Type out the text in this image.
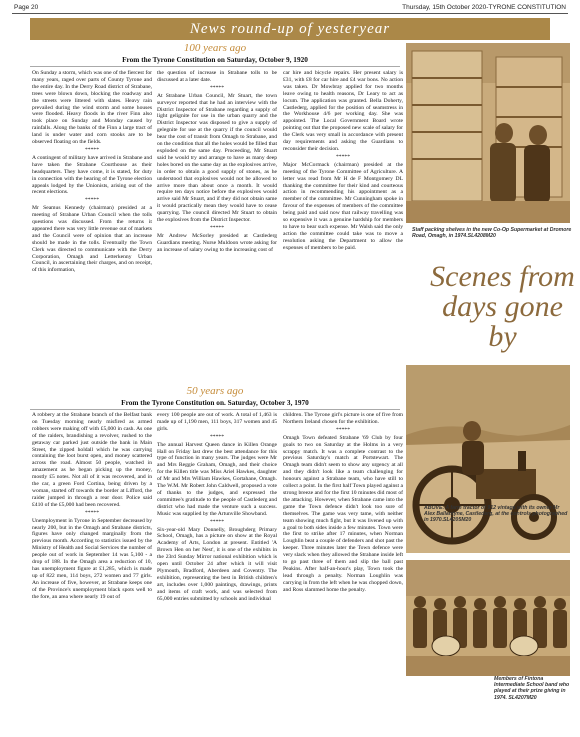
Page 20	Thursday, 15th October 2020-TYRONE CONSTITUTION
News round-up of yesteryear
100 years ago
From the Tyrone Constitution on Saturday, October 9, 1920

On Sunday a storm, which was one of the fiercest for many years, raged over parts of County Tyrone and the entire day. In the Derry Road district of Strabane, trees were blown down, blocking the roadway and the streets were littered with slates. Heavy rain prevailed during the wind storm and some houses were flooded. Heavy floods in the river Finn also took place on Sunday and Monday caused by rainfalls. Along the banks of the Finn a large tract of land is under water and corn stooks are to be observed floating on the fields.

*****

A contingent of military have arrived in Strabane and have taken the Strabane Courthouse as their headquarters. They have come, it is stated, for duty in connection with the hearing of the Tyrone election appeals lodged by the Unionists, arising out of the recent elections.

*****

Mr Seamus Kennedy (chairman) presided at a meeting of Strabane Urban Council when the tolls questions was discussed. From the returns it appeared there was very little revenue out of markets and the Council were of opinion that an increase should be made in the tolls. Eventually the Town Clerk was directed to communicate with the Derry Corporation, Omagh and Letterkenny Urban Council, in ascertaining their charges, and on receipt, of this information,

the question of increase in Strabane tolls to be discussed at a later date.

*****

At Strabane Urban Council, Mr Stuart, the town surveyor reported that he had an interview with the District Inspector of Strabane regarding a supply of light gelignite for use in the urban quarry and the District Inspector was disposed to give a supply of gelegnite for use at the quarry if the council would bear the cost of transit from Omagh to Strabane, and on the condition that all the holes would be filled that exploded on the same day. Proceeding, Mr Stuart said he would try and arrange to have as many deep holes bored on the same day as the explosives arrive, in order to obtain a good supply of stones, as he understood that explosives would not be allowed to arrive more than about once a month. It would require ten days notice before the explosives would arrive said Mr Stuart, and if they did not obtain same it would practically mean they would have to cease quarrying. The council directed Mr Stuart to obtain the explosives from the District Inspector.

*****

Mr Andrew McSorley presided at Castlederg Guardians meeting. Nurse Muldoon wrote asking for an increase of salary owing to the increasing cost of

car hire and bicycle repairs. Her present salary is £31, with £8 for car hire and £4 war bons. No action was taken. Dr Mowbray applied for two months leave owing to health reasons, Dr Leary to act as locum. The application was granted. Bella Doherty, Castlederg, applied for the position of seamstress in the Workhouse 4/6 per working day. She was appointed. The Local Government Board wrote pointing out that the proposed new scale of salary for the Clerk was very small in accordance with present day requirements and asking the Guardians to reconsider their decision.

*****

Major McCormack (chairman) presided at the meeting of the Tyrone Committee of Agriculture. A letter was read from Mr H de F Montgomery DL thanking the committee for their kind and courteous action in recommending his appointment as a member of the committee. Mr Cunningham spoke in favour of the expenses of members of the committee being paid and said now that railway travelling was so expensive it was a genuine hardship for members to have to bear such expense. Mr Walsh said the only action the committee could take was to move a resolution asking the Department to allow the expenses of members to be paid.

50 years ago
From the Tyrone Constitution on. Saturday, October 3, 1970

A robbery at the Strabane branch of the Belfast bank on Tuesday morning nearly misfired as armed robbers were making off with £5,000 in cash. As one of the raiders, brandishing a revolver, rushed to the getaway car parked just outside the bank in Main Street, the zipped holdall which he was carrying containing the loot burst open, and money scattered across the road. Almost 50 people, watched in amazement as he began picking up the money, mostly £5 notes. Not all of it was recovered, and in the car, a green Ford Cortina, being driven by a woman, started off towards the border at Lifford, the raider jumped in through a rear door. Police said £410 of the £5,000 had been recovered.

*****

Unemployment in Tyrone in September decreased by nearly 200, but in the Omagh and Strabane districts, figures have only changed marginally from the previous month. According to statistics issued by the Ministry of Health and Social Services the number of people out of work in September 14 was 5,100 - a drop of 188. In the Omagh area a reduction of 10, has unemployment figure at £1,285, which is made up of 822 men, 114 boys, 272 women and 77 girls. An increase of five, however, at Strabane keeps one of the Province's unemployment black spots well to the fore, an area where nearly 19 out of

every 100 people are out of work. A total of 1,463 is made up of 1,190 men, 111 boys, 317 women and 45 girls.

*****

The annual Harvest Queen dance in Killen Orange Hall on Friday last drew the best attendance for this type of function in many years. The judges were Mr and Mrs Reggie Graham, Omagh, and their choice for the Killen title was Miss Ariel Hawkes, daughter of Mr and Mrs William Hawkes, Gortahane, Omagh. The W.M. Mr Robert John Caldwell, proposed a vote of thanks to the judges, and expressed the committee's gratitude to the people of Castlederg and district who had made the venture such a success. Music was supplied by the Artunville Showband.

*****

Six-year-old Mary Donnelly, Broughderg Primary School, Omagh, has a picture on show at the Royal Academy of Arts, London at present. Entitled 'A Brown Hen on her Nest', it is one of the exhibits in the 23rd Sunday Mirror national exhibition which is open until October 24 after which it will visit Plymouth, Bradford, Aberdeen and Coventry. The exhibition, representing the best in British children's art, includes over 1,000 paintings, drawings, prints and items of craft work, and was selected from 65,000 entries submitted by schools and individual

children. The Tyrone girl's picture is one of five from Northern Ireland chosen for the exhibition.

*****

Omagh Town defeated Strabane '69 Club by four goals to two on Saturday at the Holms in a very scrappy match. It was a complete contrast to the previous Saturday's match at Portstewart. The Omagh team didn't seem to show any urgency at all and they didn't look like a team challenging for honours against a Strabane team, who have still to collect a point. In the first half Town played against a strong breeze and for the first 10 minutes did most of the attacking. However, when Strabane came into the game the Town defence didn't look too sure of themselves. The game was very tame, with neither team showing much fight, but it was livened up with a goal to both sides inside a few minutes. Town were the first to strike after 17 minutes, when Norman Loughlin beat a couple of defenders and shot past the keeper. Three minutes later the Town defence were very slack when they allowed the Strabane inside left to go past three of them and slip the ball past Peakins. After half-an-hour's play, Town took the lead through a penalty. Norman Loughlin was carrying in from the left when he was chopped down, and Ross slammed home the penalty.

Staff packing shelves in the new Co-Op Supermarket at Dromore Road, Omagh, in 1974.SL4208M20
Scenes from days gone by
ABOVE: A farm tractor of 912 vintage with its owner Mr Alex Ballantyne, Castlederg, at the controls photographed in 1970.SL4205M20
Members of Fintona Intermediate School band who played at their prize giving in 1974. SL4207M20
